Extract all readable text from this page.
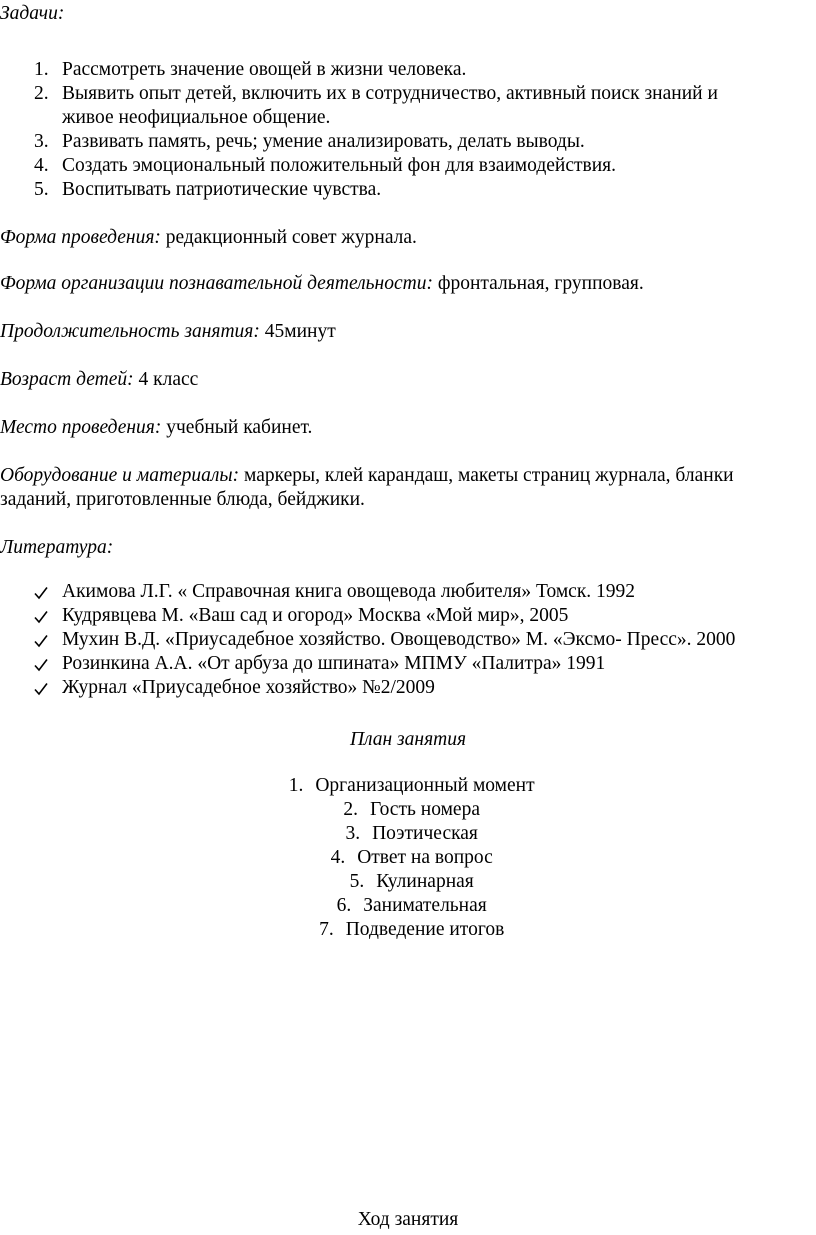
Задачи:
1. Рассмотреть значение овощей в жизни человека.
2. Выявить опыт детей, включить их в сотрудничество, активный поиск знаний и
живое неофициальное общение.
3. Развивать память, речь; умение анализировать, делать выводы.
4. Создать эмоциональный положительный фон для взаимодействия.
5. Воспитывать патриотические чувства.
Форма проведения: редакционный совет журнала.
Форма организации познавательной деятельности: фронтальная, групповая.
Продолжительность занятия: 45минут
Возраст детей: 4 класс
Место проведения: учебный кабинет.
Оборудование и материалы: маркеры, клей карандаш, макеты страниц журнала, бланки
заданий, приготовленные блюда, бейджики.
Литература:
Акимова Л.Г. « Справочная книга овощевода любителя» Томск. 1992
Кудрявцева М. «Ваш сад и огород» Москва «Мой мир», 2005
Мухин В.Д. «Приусадебное хозяйство. Овощеводство» М. «Эксмо- Пресс». 2000
Розинкина А.А. «От арбуза до шпината» МПМУ «Палитра» 1991
Журнал «Приусадебное хозяйство» №2/2009
План занятия
1. Организационный момент
2. Гость номера
3. Поэтическая
4. Ответ на вопрос
5. Кулинарная
6. Занимательная
7. Подведение итогов
Ход занятия
